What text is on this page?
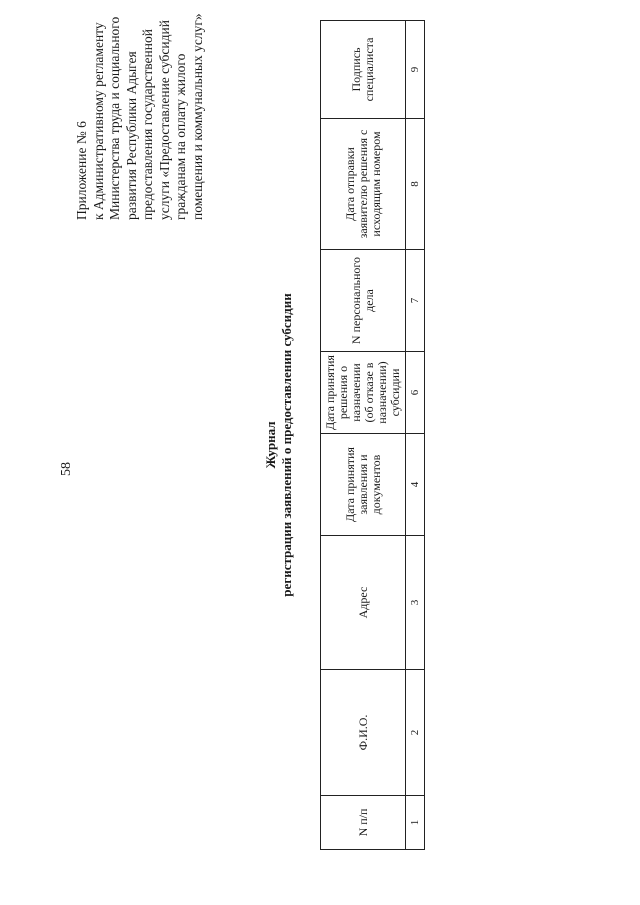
58
Приложение № 6 к Административному регламенту Министерства труда и социального развития Республики Адыгея предоставления государственной услуги «Предоставление субсидий гражданам на оплату жилого помещения и коммунальных услуг»
Журнал регистрации заявлений о предоставлении субсидии
N п/п	Ф.И.О.	Адрес	Дата принятия заявления и документов	Дата принятия решения о назначении (об отказе в назначении) субсидии	N персонального дела	Дата отправки заявителю решения с исходящим номером	Подпись специалиста
1	2	3	4	6	7	8	9
